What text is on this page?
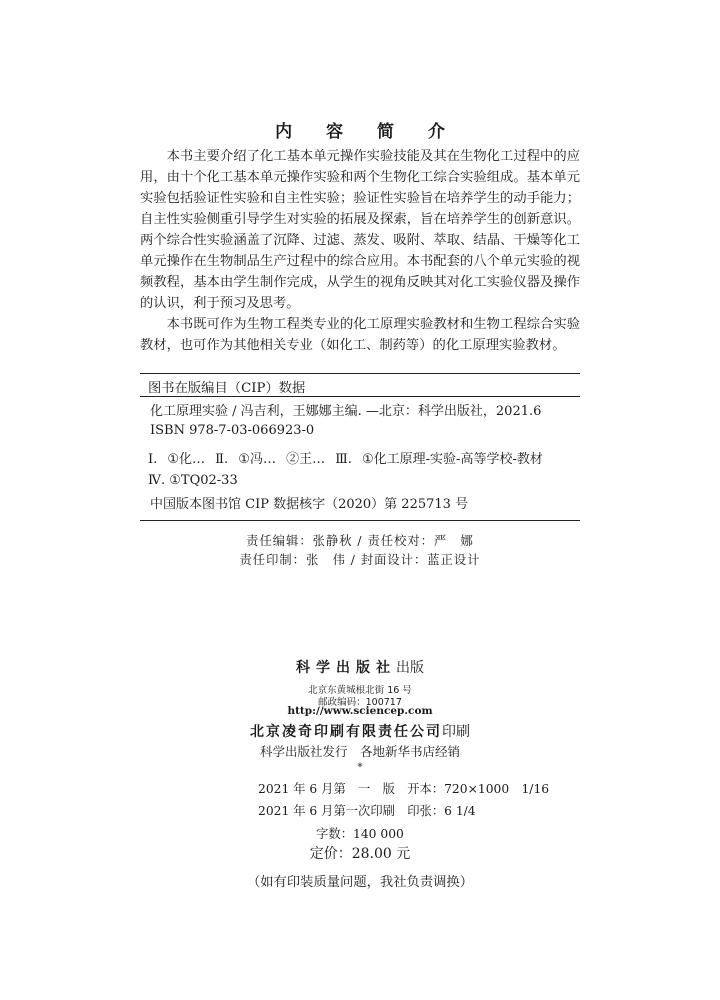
内 容 简 介

本书主要介绍了化工基本单元操作实验技能及其在生物化工过程中的应用，由十个化工基本单元操作实验和两个生物化工综合实验组成。基本单元实验包括验证性实验和自主性实验；验证性实验旨在培养学生的动手能力；自主性实验侧重引导学生对实验的拓展及探索，旨在培养学生的创新意识。两个综合性实验涵盖了沉降、过滤、蒸发、吸附、萃取、结晶、干燥等化工单元操作在生物制品生产过程中的综合应用。本书配套的八个单元实验的视频教程，基本由学生制作完成，从学生的视角反映其对化工实验仪器及操作的认识，利于预习及思考。

本书既可作为生物工程类专业的化工原理实验教材和生物工程综合实验教材，也可作为其他相关专业（如化工、制药等）的化工原理实验教材。

图书在版编目（CIP）数据
化工原理实验 / 冯吉利，王娜娜主编. —北京：科学出版社，2021.6
ISBN 978-7-03-066923-0
Ⅰ. ①化… Ⅱ. ①冯… ②王… Ⅲ. ①化工原理-实验-高等学校-教材
Ⅳ. ①TQ02-33
中国版本图书馆 CIP 数据核字（2020）第 225713 号
责任编辑：张静秋 / 责任校对：严　娜
责任印制：张　伟 / 封面设计：蓝正设计
科学出版社出版
北京东黄城根北街 16 号
邮政编码：100717
http://www.sciencep.com
北京凌奇印刷有限责任公司印刷
科学出版社发行　各地新华书店经销
*
2021 年 6 月第　一　版　开本：720×1000　1/16
2021 年 6 月第一次印刷　印张：6 1/4
字数：140 000
定价：28.00 元
（如有印装质量问题，我社负责调换）
